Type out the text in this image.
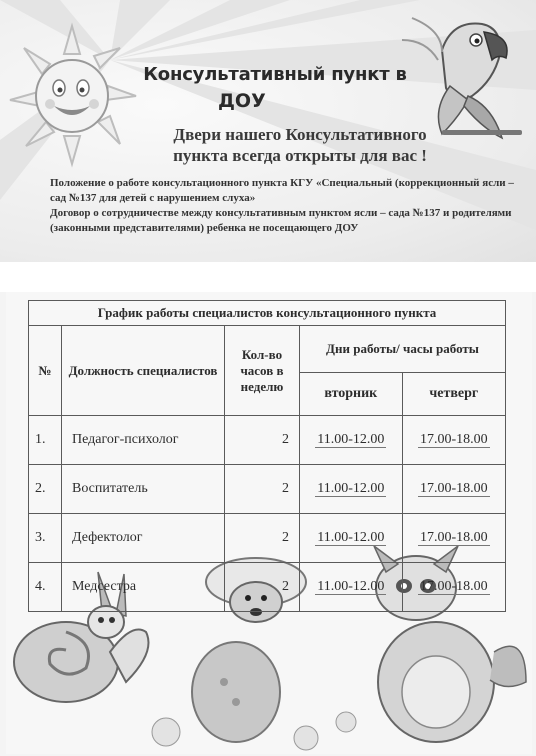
Консультативный пункт в
ДОУ
Двери нашего Консультативного
пункта всегда открыты для вас !
Положение о работе консультационного пункта КГУ «Специальный (коррекционный ясли – сад №137 для детей с нарушением слуха»
Договор о сотрудничестве между консультативным пунктом ясли – сада №137 и родителями (законными представителями) ребенка не посещающего ДОУ
График работы специалистов консультационного пункта				
№	Должность специалистов	Кол-во часов в неделю	Дни работы/ часы работы	
			вторник	четверг
1.	Педагог-психолог	2	11.00-12.00	17.00-18.00
2.	Воспитатель	2	11.00-12.00	17.00-18.00
3.	Дефектолог	2	11.00-12.00	17.00-18.00
4.	Медсестра	2	11.00-12.00	17.00-18.00
